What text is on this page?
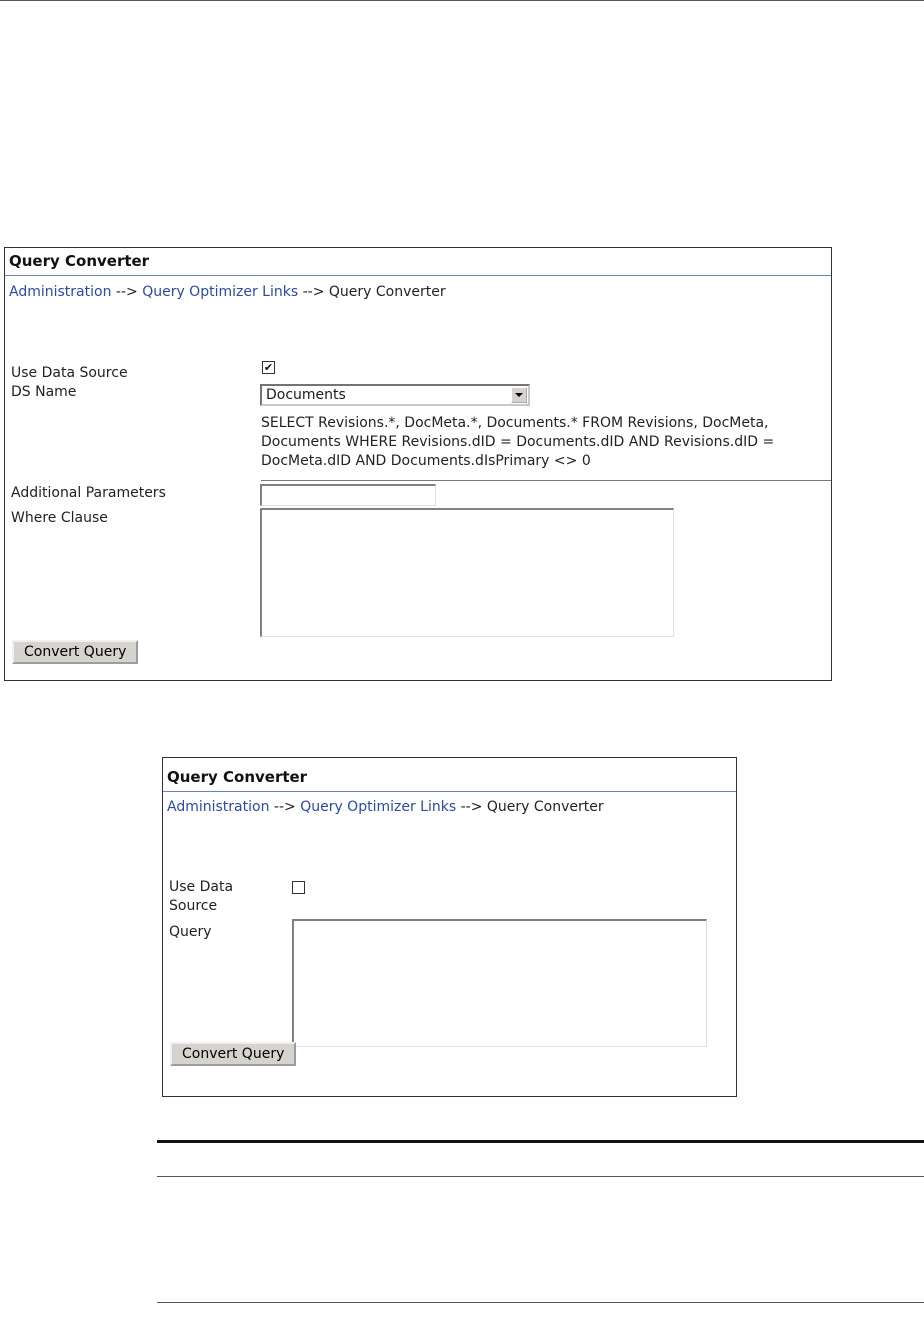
Query Converter
Administration --> Query Optimizer Links --> Query Converter
Use Data Source	✔
DS Name	Documents
SELECT Revisions.*, DocMeta.*, Documents.* FROM Revisions, DocMeta, Documents WHERE Revisions.dID = Documents.dID AND Revisions.dID = DocMeta.dID AND Documents.dIsPrimary <> 0
Additional Parameters
Where Clause
Convert Query
Query Converter
Administration --> Query Optimizer Links --> Query Converter
Use Data Source
Query
Convert Query
